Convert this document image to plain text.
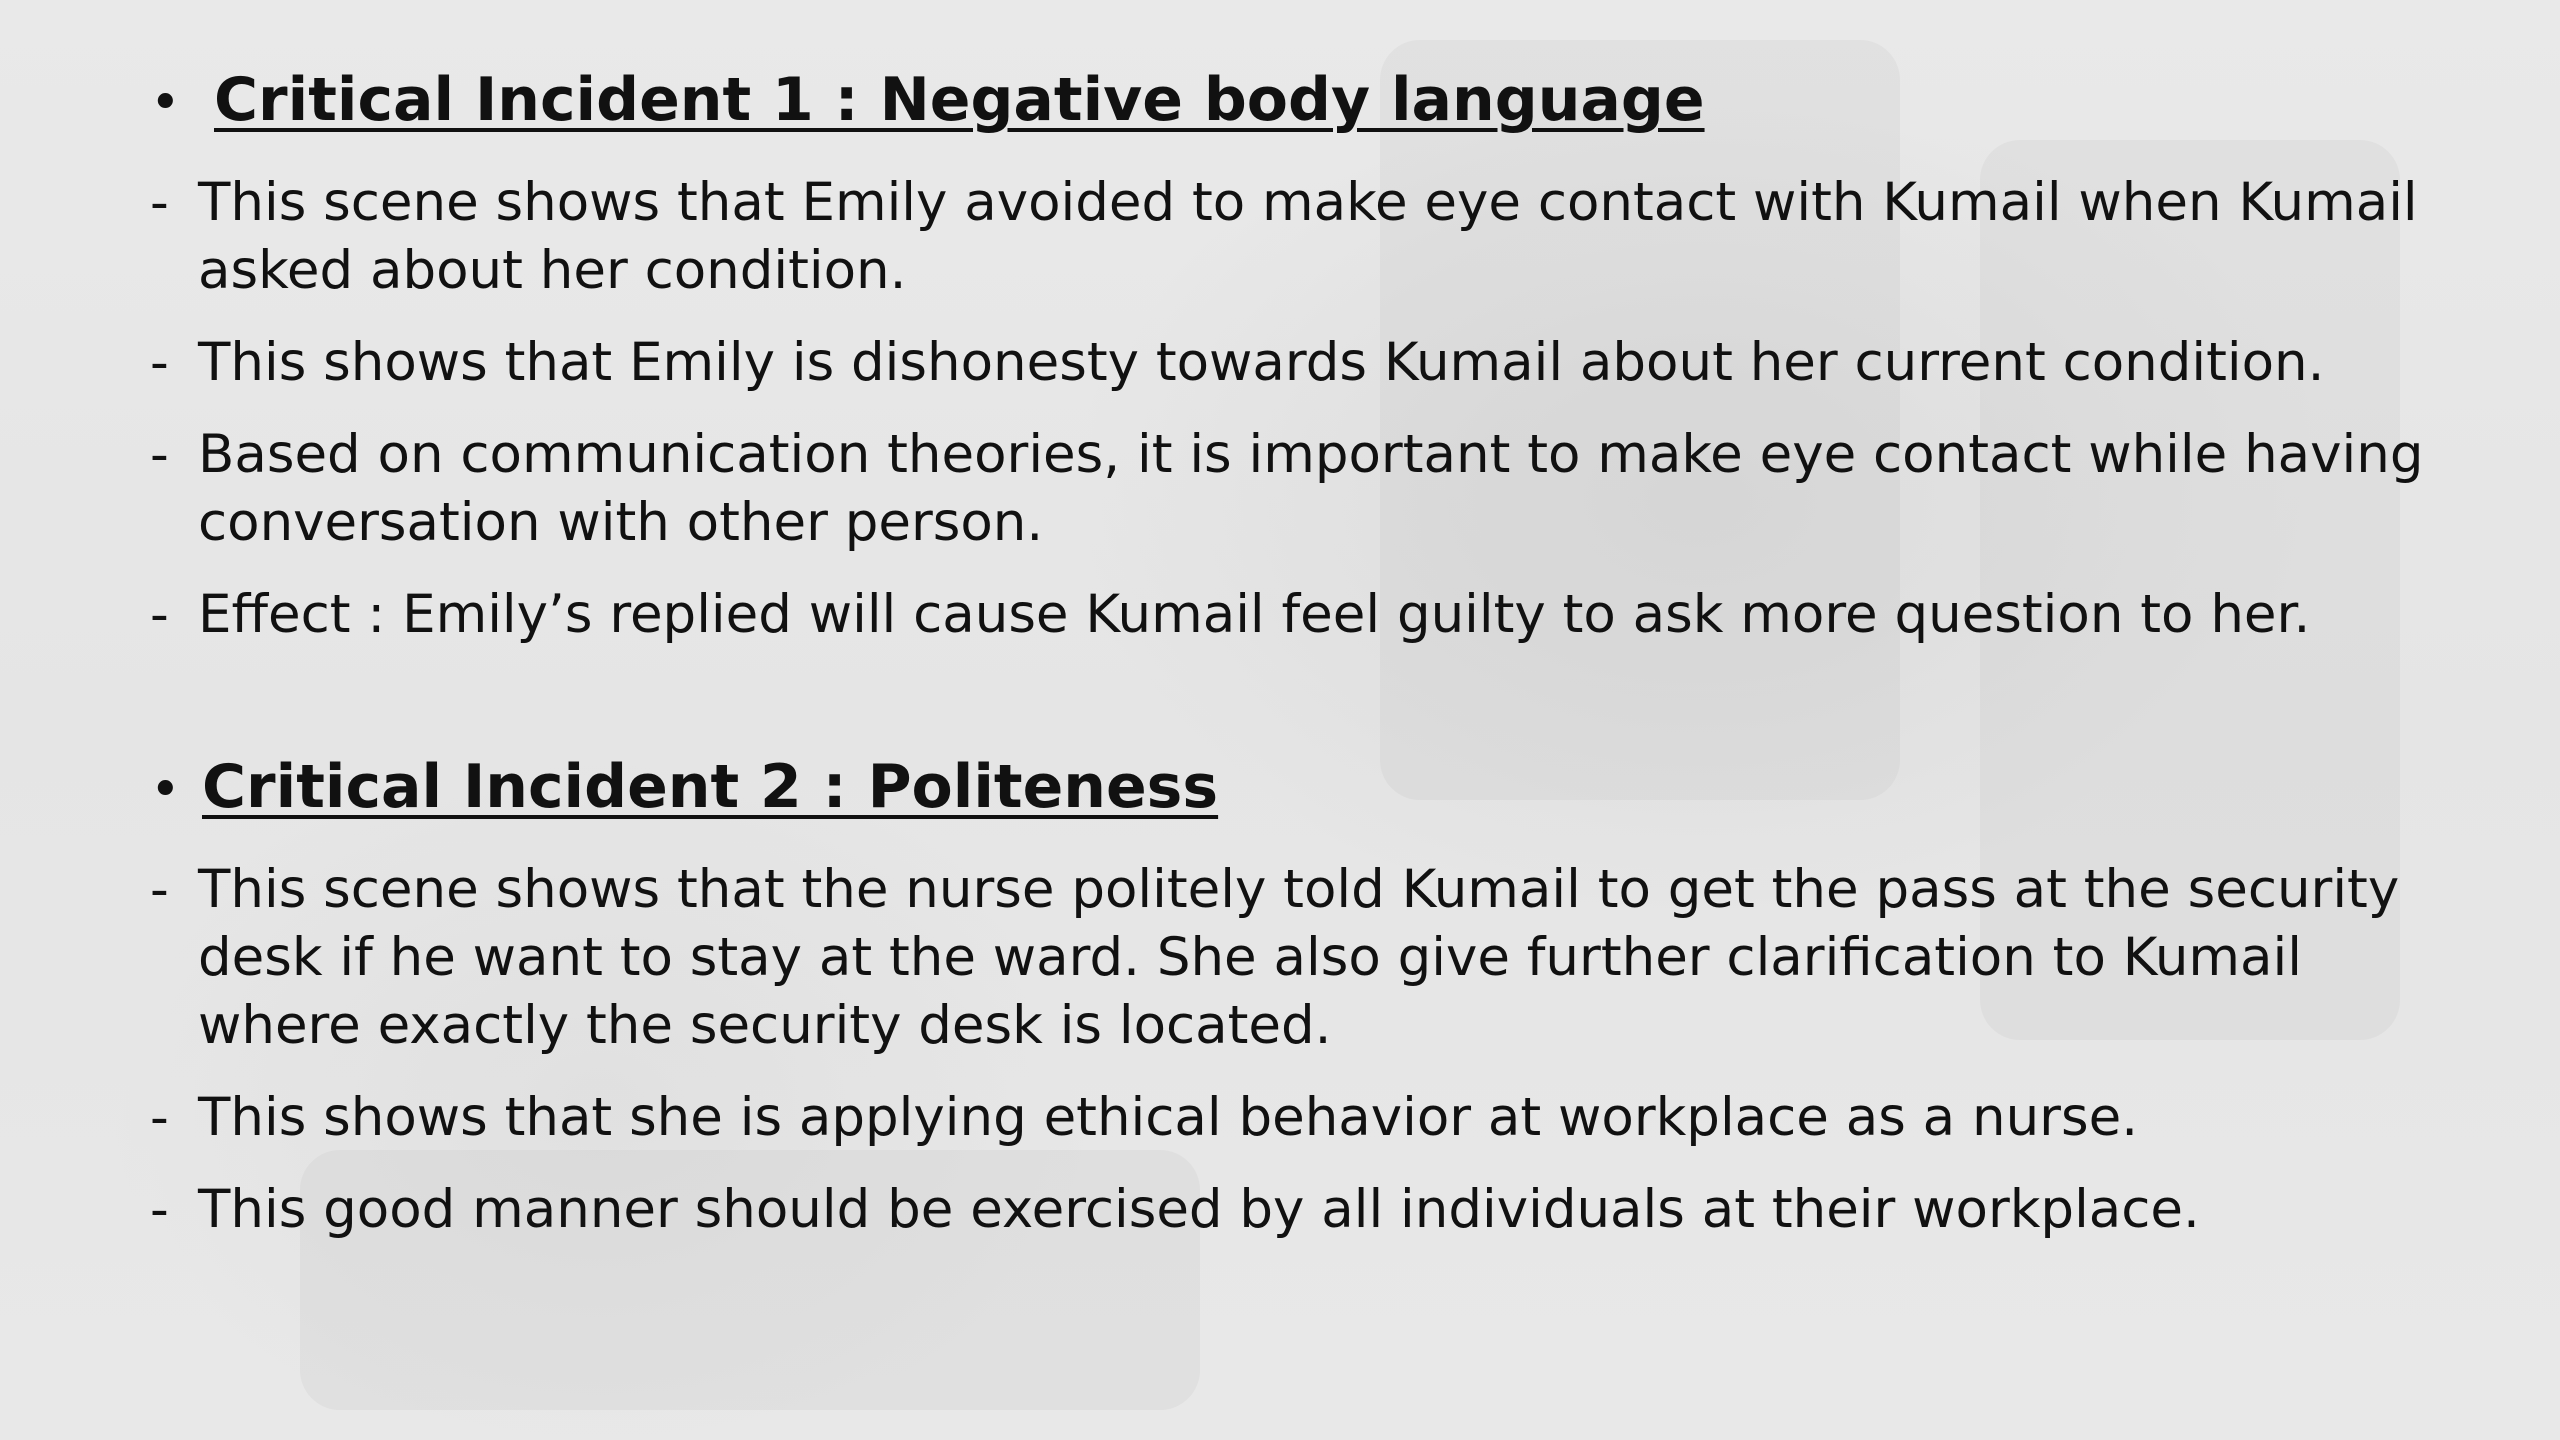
• Critical Incident 1 : Negative body language
- This scene shows that Emily avoided to make eye contact with Kumail when Kumail asked about her condition.
- This shows that Emily is dishonesty towards Kumail about her current condition.
- Based on communication theories, it is important to make eye contact while having conversation with other person.
- Effect : Emily’s replied will cause Kumail feel guilty to ask more question to her.
• Critical Incident 2 : Politeness
- This scene shows that the nurse politely told Kumail to get the pass at the security desk if he want to stay at the ward. She also give further clarification to Kumail where exactly the security desk is located.
- This shows that she is applying ethical behavior at workplace as a nurse.
- This good manner should be exercised by all individuals at their workplace.
